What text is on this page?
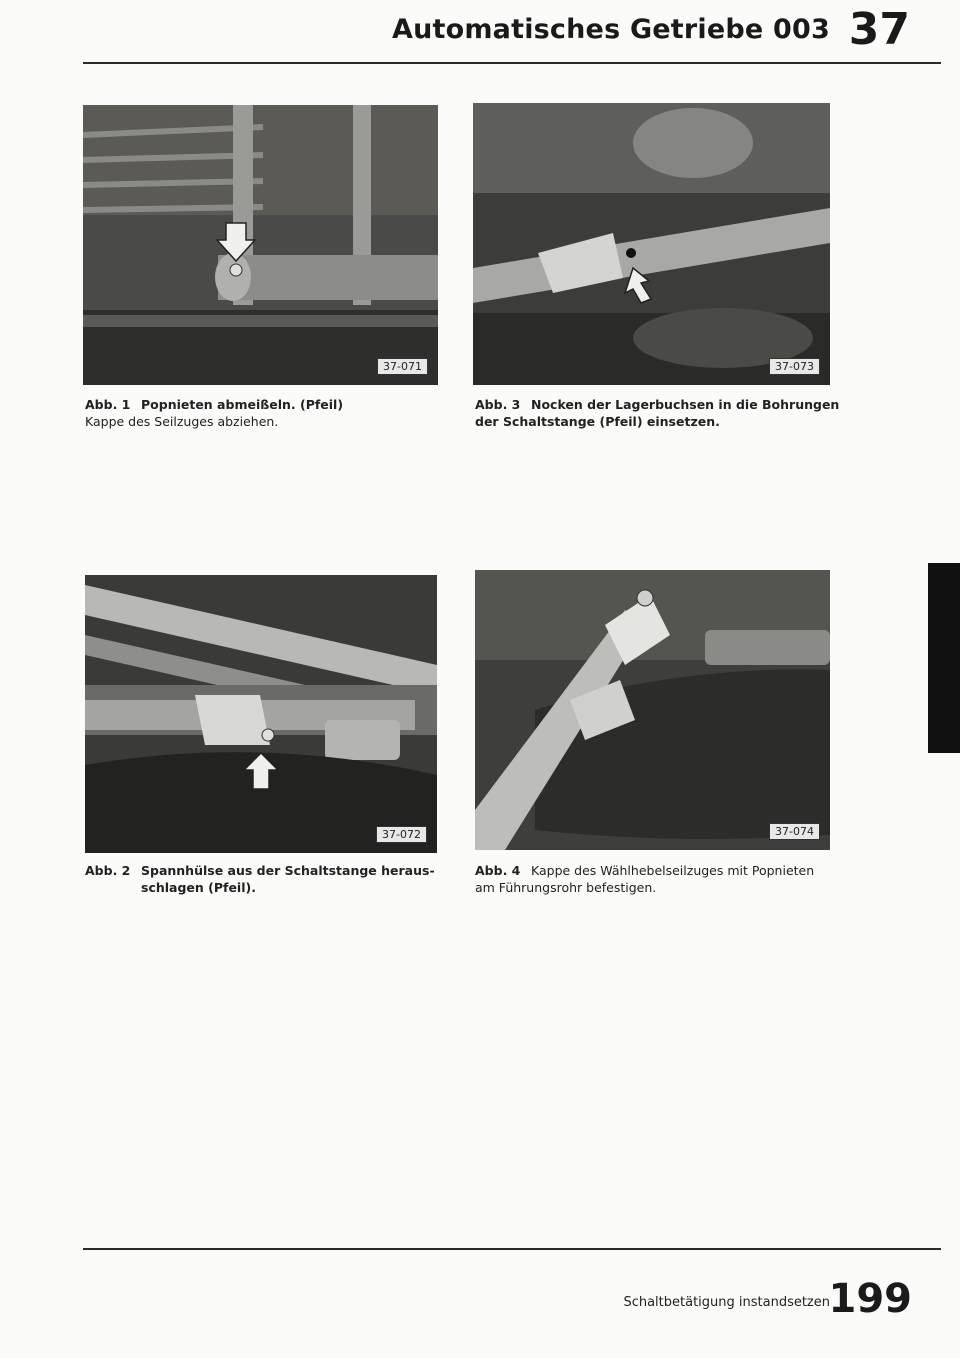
Automatisches Getriebe 003 37
37-071
Abb. 1 Popnieten abmeißeln. (Pfeil)
Kappe des Seilzuges abziehen.
37-073
Abb. 3 Nocken der Lagerbuchsen in die Bohrungen
der Schaltstange (Pfeil) einsetzen.
37-072
Abb. 2 Spannhülse aus der Schaltstange heraus-
schlagen (Pfeil).
37-074
Abb. 4 Kappe des Wählhebelseilzuges mit Popnieten
am Führungsrohr befestigen.
Schaltbetätigung instandsetzen
199
